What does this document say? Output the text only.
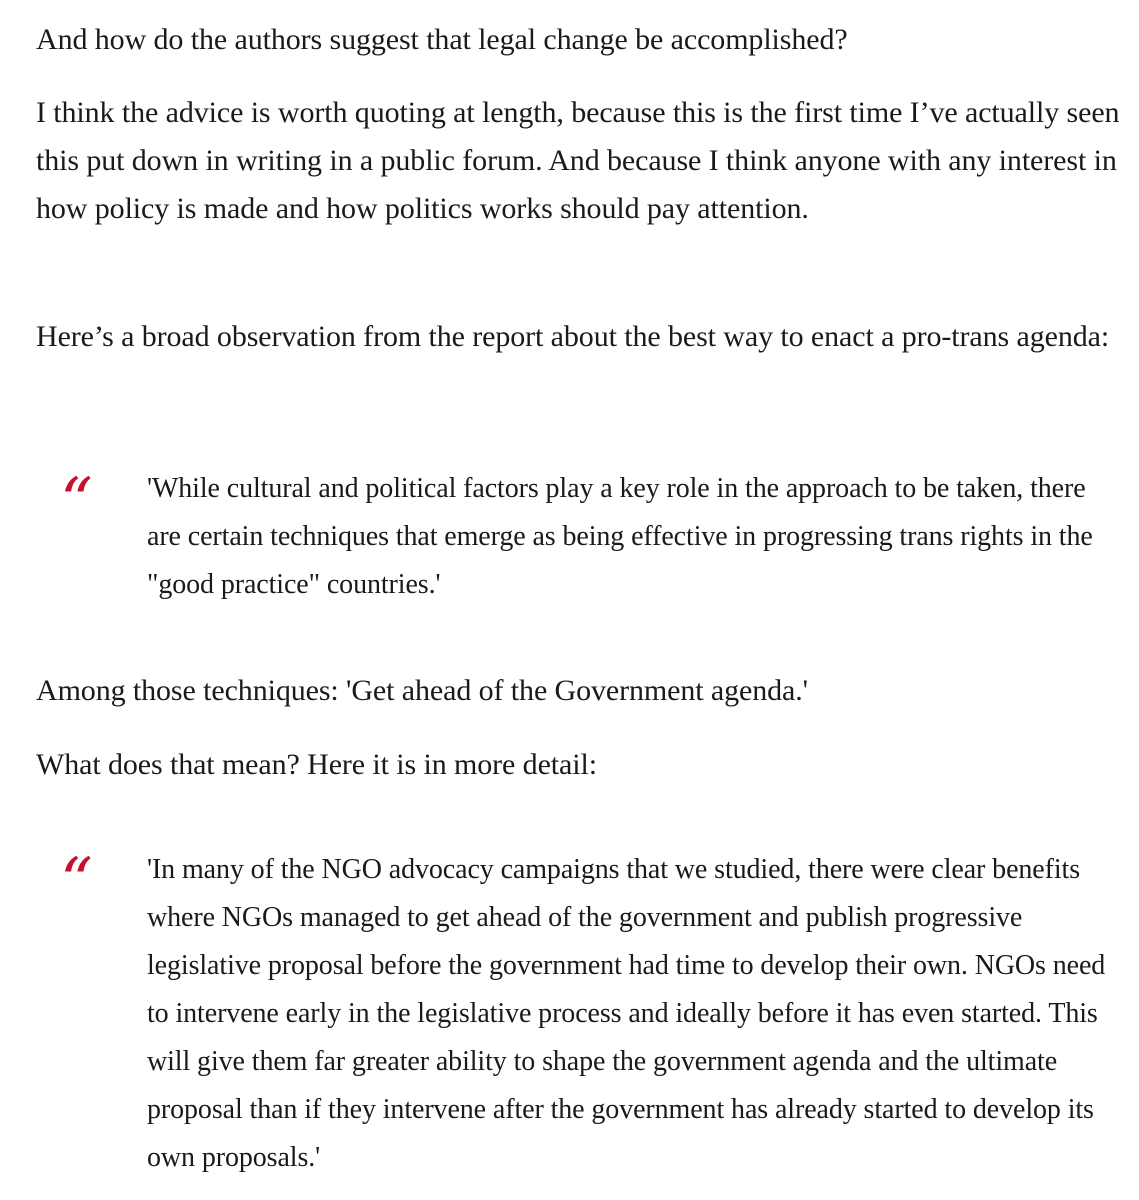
And how do the authors suggest that legal change be accomplished?

I think the advice is worth quoting at length, because this is the first time I’ve actually seen this put down in writing in a public forum. And because I think anyone with any interest in how policy is made and how politics works should pay attention.

Here’s a broad observation from the report about the best way to enact a pro-trans agenda:

“ 'While cultural and political factors play a key role in the approach to be taken, there are certain techniques that emerge as being effective in progressing trans rights in the "good practice" countries.'

Among those techniques: 'Get ahead of the Government agenda.'

What does that mean? Here it is in more detail:

“ 'In many of the NGO advocacy campaigns that we studied, there were clear benefits where NGOs managed to get ahead of the government and publish progressive legislative proposal before the government had time to develop their own. NGOs need to intervene early in the legislative process and ideally before it has even started. This will give them far greater ability to shape the government agenda and the ultimate proposal than if they intervene after the government has already started to develop its own proposals.'
